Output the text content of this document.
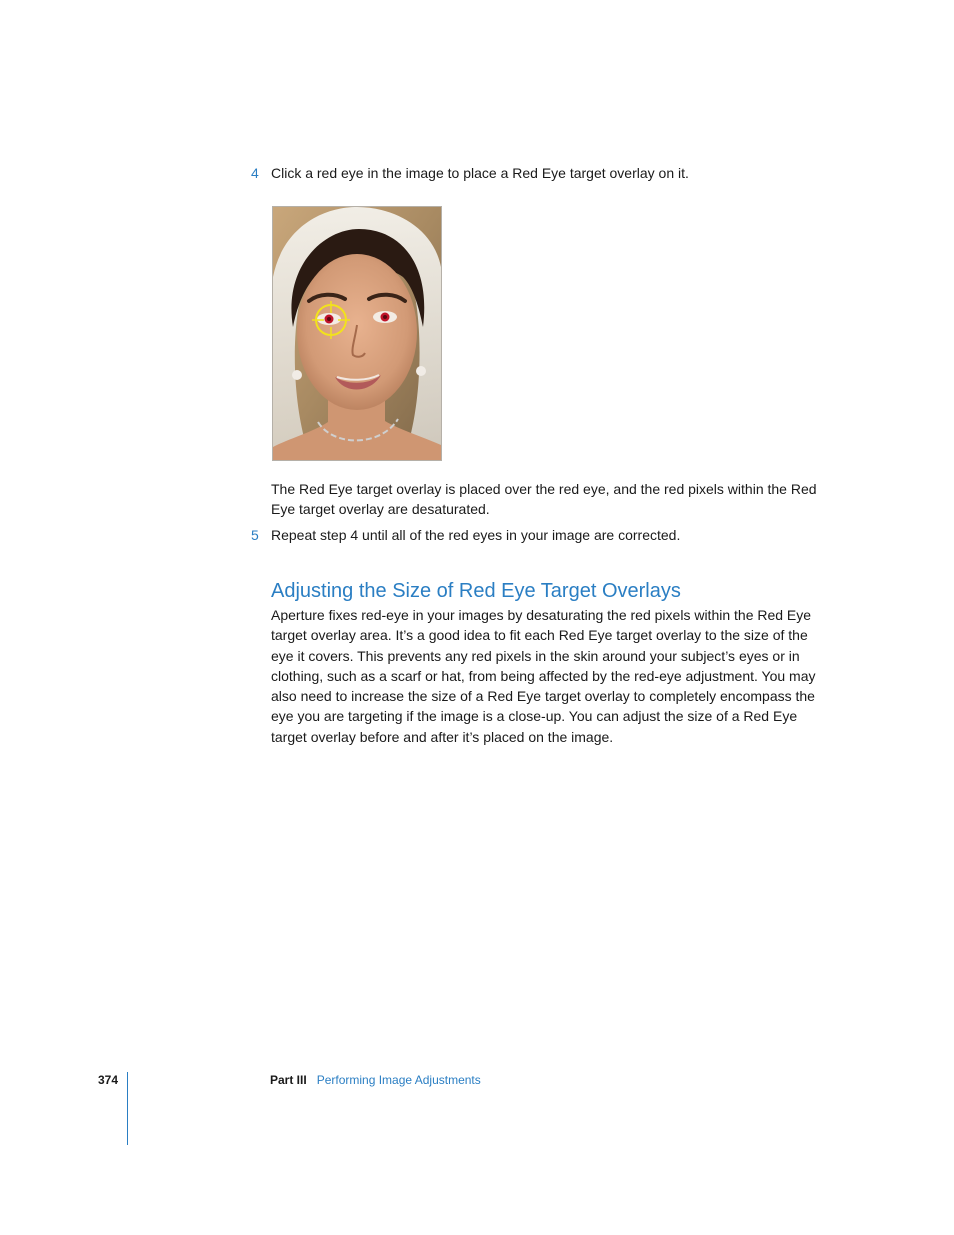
4 Click a red eye in the image to place a Red Eye target overlay on it.
The Red Eye target overlay is placed over the red eye, and the red pixels within the Red Eye target overlay are desaturated.
5 Repeat step 4 until all of the red eyes in your image are corrected.
Adjusting the Size of Red Eye Target Overlays
Aperture fixes red-eye in your images by desaturating the red pixels within the Red Eye target overlay area. It’s a good idea to fit each Red Eye target overlay to the size of the eye it covers. This prevents any red pixels in the skin around your subject’s eyes or in clothing, such as a scarf or hat, from being affected by the red-eye adjustment. You may also need to increase the size of a Red Eye target overlay to completely encompass the eye you are targeting if the image is a close-up. You can adjust the size of a Red Eye target overlay before and after it’s placed on the image.
374	Part III Performing Image Adjustments
